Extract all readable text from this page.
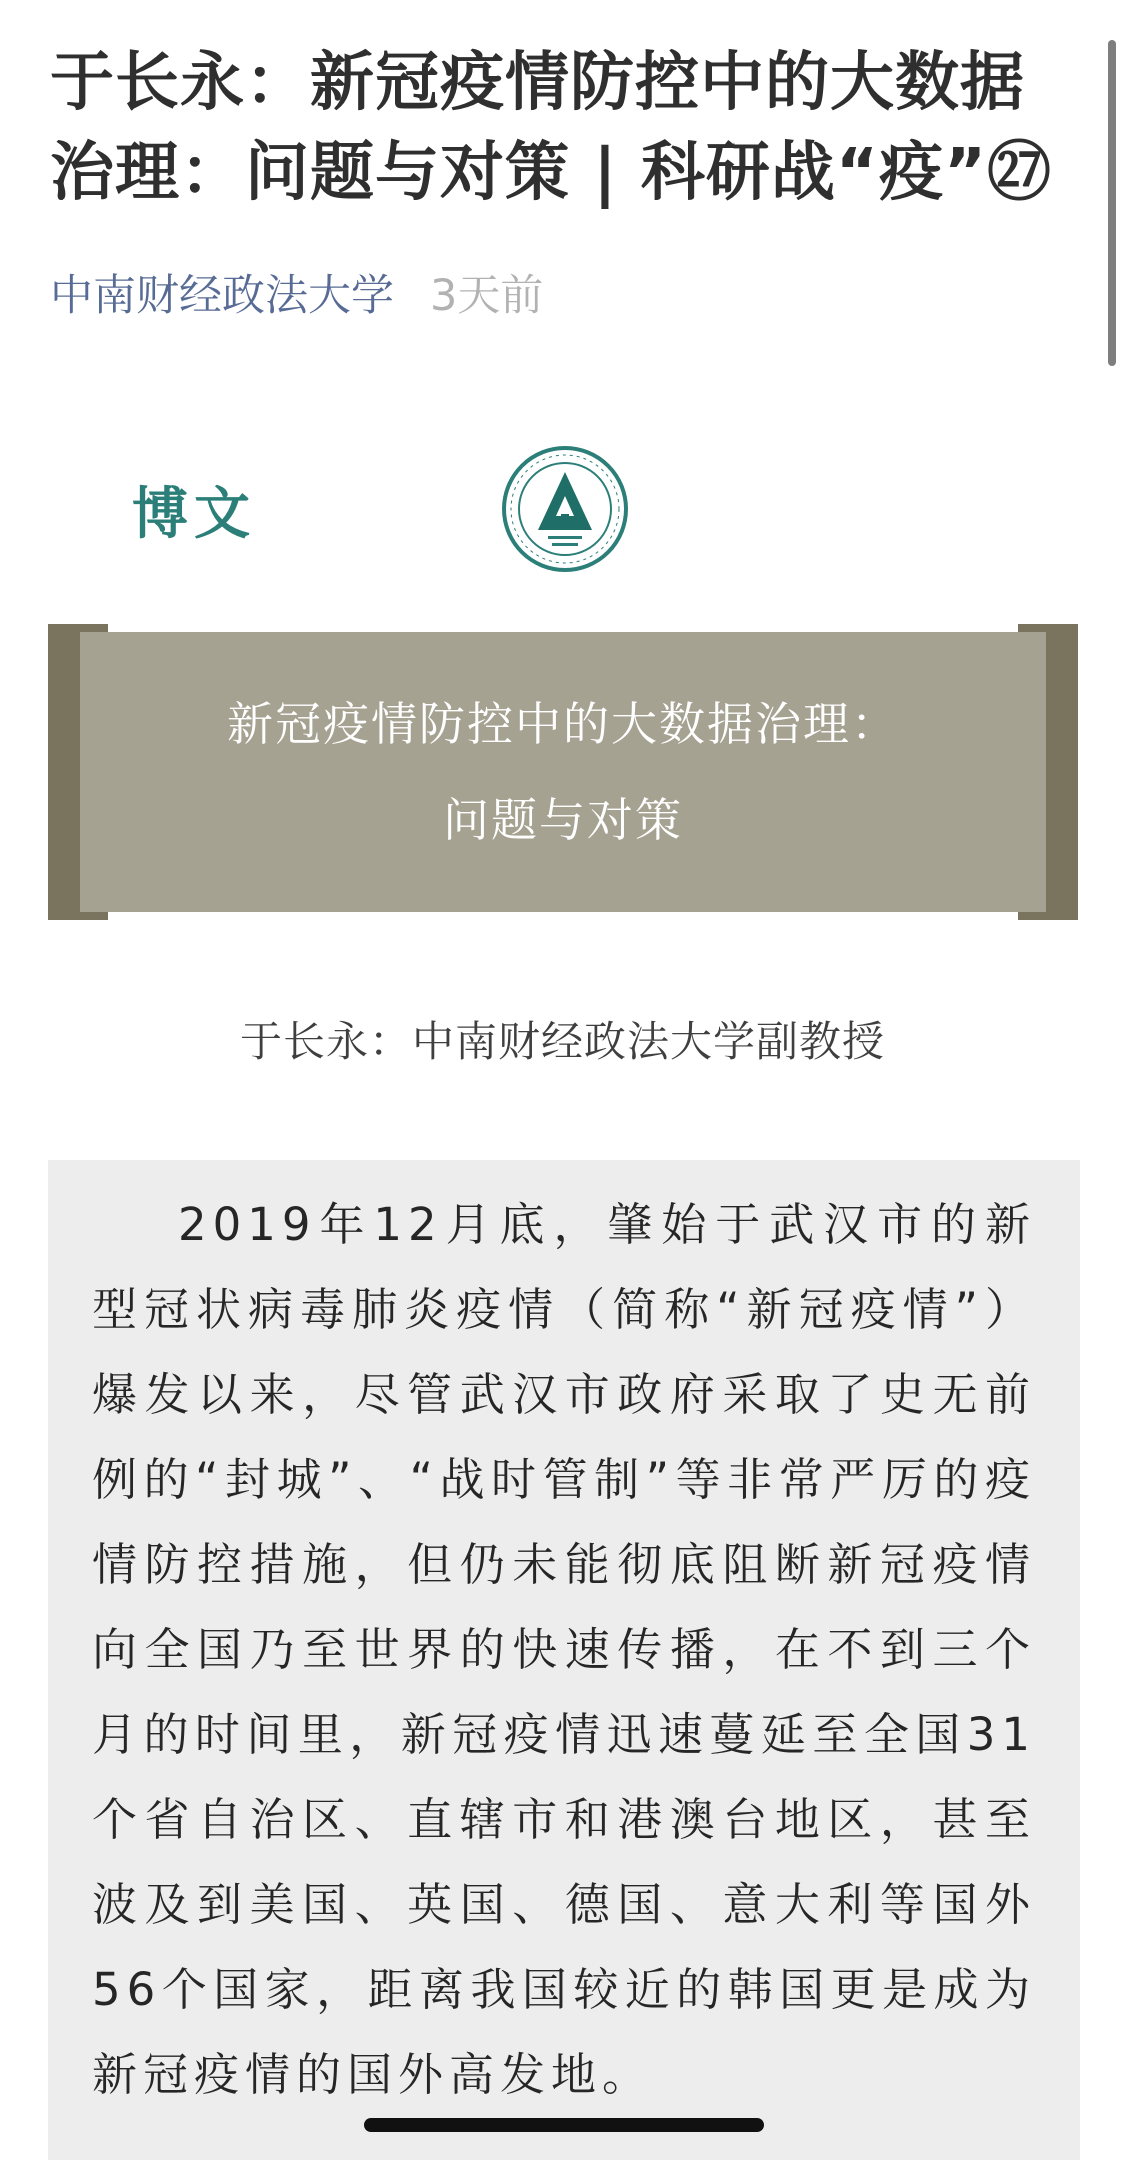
于长永：新冠疫情防控中的大数据治理：问题与对策 | 科研战“疫”㉗
中南财经政法大学 3天前
博文
新冠疫情防控中的大数据治理：
问题与对策
于长永：中南财经政法大学副教授

2019年12月底，肇始于武汉市的新型冠状病毒肺炎疫情（简称“新冠疫情”）爆发以来，尽管武汉市政府采取了史无前例的“封城”、“战时管制”等非常严厉的疫情防控措施，但仍未能彻底阻断新冠疫情向全国乃至世界的快速传播，在不到三个月的时间里，新冠疫情迅速蔓延至全国31个省自治区、直辖市和港澳台地区，甚至波及到美国、英国、德国、意大利等国外56个国家，距离我国较近的韩国更是成为新冠疫情的国外高发地。
